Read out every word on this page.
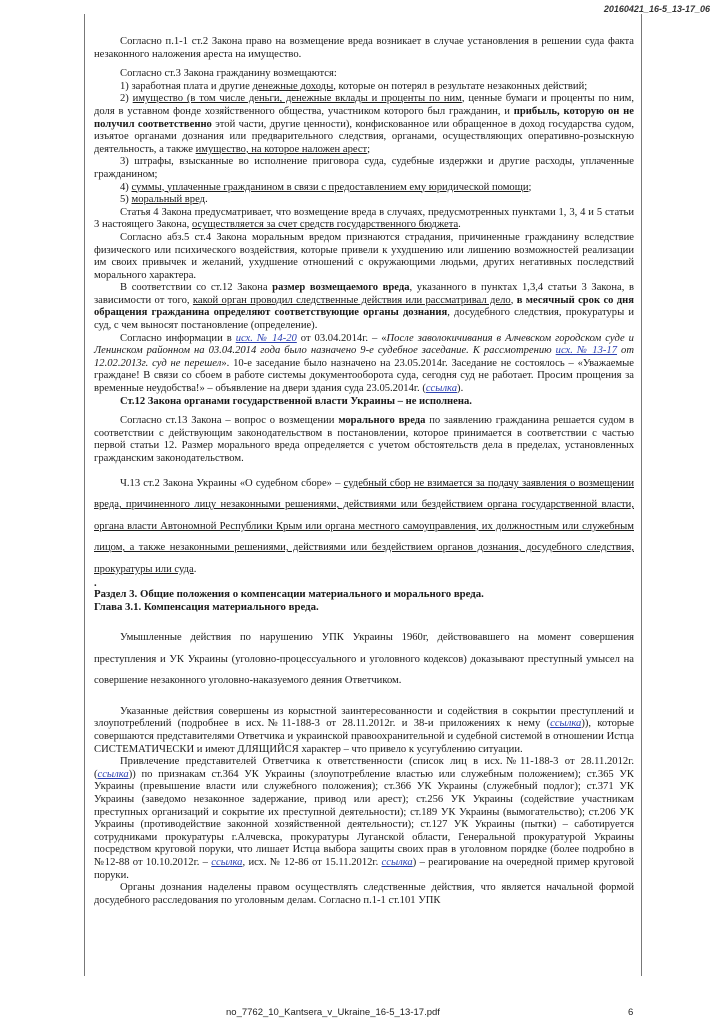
20160421_16-5_13-17_06

Согласно п.1-1 ст.2 Закона право на возмещение вреда возникает в случае установления в решении суда факта незаконного наложения ареста на имущество.

Согласно ст.3 Закона гражданину возмещаются:

1) заработная плата и другие денежные доходы, которые он потерял в результате незаконных действий;

2) имущество (в том числе деньги, денежные вклады и проценты по ним, ценные бумаги и проценты по ним, доля в уставном фонде хозяйственного общества, участником которого был гражданин, и прибыль, которую он не получил соответственно этой части, другие ценности), конфискованное или обращенное в доход государства судом, изъятое органами дознания или предварительного следствия, органами, осуществляющих оперативно-розыскную деятельность, а также имущество, на которое наложен арест;

3) штрафы, взысканные во исполнение приговора суда, судебные издержки и другие расходы, уплаченные гражданином;

4) суммы, уплаченные гражданином в связи с предоставлением ему юридической помощи;

5) моральный вред.

Статья 4 Закона предусматривает, что возмещение вреда в случаях, предусмотренных пунктами 1, 3, 4 и 5 статьи 3 настоящего Закона, осуществляется за счет средств государственного бюджета.

Согласно абз.5 ст.4 Закона моральным вредом признаются страдания, причиненные гражданину вследствие физического или психического воздействия, которые привели к ухудшению или лишению возможностей реализации им своих привычек и желаний, ухудшение отношений с окружающими людьми, других негативных последствий морального характера.

В соответствии со ст.12 Закона размер возмещаемого вреда, указанного в пунктах 1,3,4 статьи 3 Закона, в зависимости от того, какой орган проводил следственные действия или рассматривал дело, в месячный срок со дня обращения гражданина определяют соответствующие органы дознания, досудебного следствия, прокуратуры и суд, с чем выносят постановление (определение).

Согласно информации в исх. № 14-20 от 03.04.2014г. – «После заволокичивания в Алчевском городском суде и Ленинском районном на 03.04.2014 года было назначено 9-е судебное заседание. К рассмотрению исх. № 13-17 от 12.02.2013г. суд не перешел». 10-е заседание было назначено на 23.05.2014г. Заседание не состоялось – «Уважаемые граждане! В связи со сбоем в работе системы документооборота суда, сегодня суд не работает. Просим прощения за временные неудобства!» – объявление на двери здания суда 23.05.2014г. (ссылка).

Ст.12 Закона органами государственной власти Украины – не исполнена.

Согласно ст.13 Закона – вопрос о возмещении морального вреда по заявлению гражданина решается судом в соответствии с действующим законодательством в постановлении, которое принимается в соответствии с частью первой статьи 12. Размер морального вреда определяется с учетом обстоятельств дела в пределах, установленных гражданским законодательством.

Ч.13 ст.2 Закона Украины «О судебном сборе» – судебный сбор не взимается за подачу заявления о возмещении вреда, причиненного лицу незаконными решениями, действиями или бездействием органа государственной власти, органа власти Автономной Республики Крым или органа местного самоуправления, их должностным или служебным лицом, а также незаконными решениями, действиями или бездействием органов дознания, досудебного следствия, прокуратуры или суда.

.

Раздел 3. Общие положения о компенсации материального и морального вреда.

Глава 3.1. Компенсация материального вреда.

Умышленные действия по нарушению УПК Украины 1960г, действовавшего на момент совершения преступления и УК Украины (уголовно-процессуального и уголовного кодексов) доказывают преступный умысел на совершение незаконного уголовно-наказуемого деяния Ответчиком.

Указанные действия совершены из корыстной заинтересованности и содействия в сокрытии преступлений и злоупотреблений (подробнее в исх.№11-188-3 от 28.11.2012г. и 38-и приложениях к нему (ссылка)), которые совершаются представителями Ответчика и украинской правоохранительной и судебной системой в отношении Истца СИСТЕМАТИЧЕСКИ и имеют ДЛЯЩИЙСЯ характер – что привело к усугублению ситуации.

Привлечение представителей Ответчика к ответственности (список лиц в исх.№11-188-3 от 28.11.2012г. (ссылка)) по признакам ст.364 УК Украины (злоупотребление властью или служебным положением); ст.365 УК Украины (превышение власти или служебного положения); ст.366 УК Украины (служебный подлог); ст.371 УК Украины (заведомо незаконное задержание, привод или арест); ст.256 УК Украины (содействие участникам преступных организаций и сокрытие их преступной деятельности); ст.189 УК Украины (вымогательство); ст.206 УК Украины (противодействие законной хозяйственной деятельности); ст.127 УК Украины (пытки) – саботируется сотрудниками прокуратуры г.Алчевска, прокуратуры Луганской области, Генеральной прокуратурой Украины посредством круговой поруки, что лишает Истца выбора защиты своих прав в уголовном порядке (более подробно в №12-88 от 10.10.2012г. – ссылка, исх. № 12-86 от 15.11.2012г. ссылка) – реагирование на очередной пример круговой поруки.

Органы дознания наделены правом осуществлять следственные действия, что является начальной формой досудебного расследования по уголовным делам. Согласно п.1-1 ст.101 УПК

no_7762_10_Kantsera_v_Ukraine_16-5_13-17.pdf	6
